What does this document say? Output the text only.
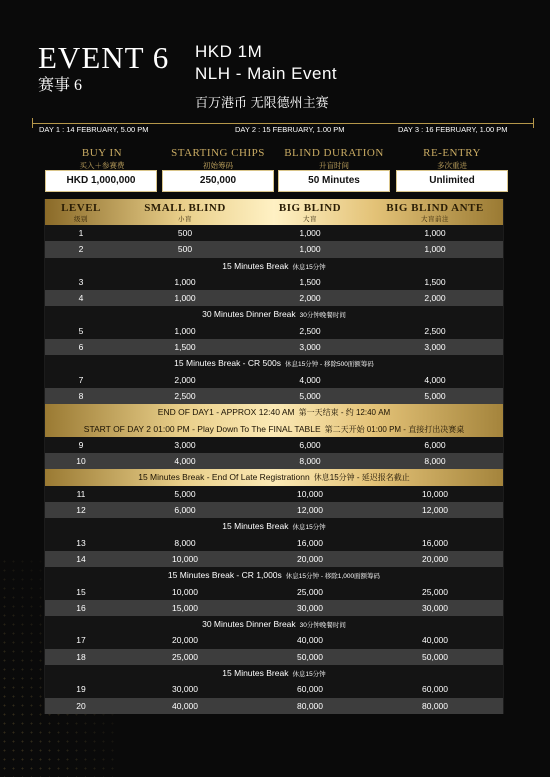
EVENT 6
赛事 6
HKD 1M
NLH - Main Event
百万港币 无限德州主赛
DAY 1 : 14 FEBRUARY, 5.00 PM	DAY 2 : 15 FEBRUARY, 1.00 PM	DAY 3 : 16 FEBRUARY, 1.00 PM
BUY IN
买入＋参赛费
HKD 1,000,000
STARTING CHIPS
初始筹码
250,000
BLIND DURATION
升盲时间
50 Minutes
RE-ENTRY
多次重进
Unlimited
LEVEL
级别
SMALL BLIND
小盲
BIG BLIND
大盲
BIG BLIND ANTE
大盲前注
1	500	1,000	1,000
2	500	1,000	1,000
15 Minutes Break 休息15分钟
3	1,000	1,500	1,500
4	1,000	2,000	2,000
30 Minutes Dinner Break 30分钟晚餐时间
5	1,000	2,500	2,500
6	1,500	3,000	3,000
15 Minutes Break - CR 500s 休息15分钟 - 移除500面额筹码
7	2,000	4,000	4,000
8	2,500	5,000	5,000
END OF DAY1 - APPROX 12:40 AM 第一天结束 - 约 12:40 AM
START OF DAY 2 01:00 PM - Play Down To The FINAL TABLE 第二天开始 01:00 PM - 直接打出决赛桌
9	3,000	6,000	6,000
10	4,000	8,000	8,000
15 Minutes Break - End Of Late Registrationn 休息15分钟 - 延迟报名截止
11	5,000	10,000	10,000
12	6,000	12,000	12,000
15 Minutes Break 休息15分钟
13	8,000	16,000	16,000
14	10,000	20,000	20,000
15 Minutes Break - CR 1,000s 休息15分钟 - 移除1,000面额筹码
15	10,000	25,000	25,000
16	15,000	30,000	30,000
30 Minutes Dinner Break 30分钟晚餐时间
17	20,000	40,000	40,000
18	25,000	50,000	50,000
15 Minutes Break 休息15分钟
19	30,000	60,000	60,000
20	40,000	80,000	80,000
